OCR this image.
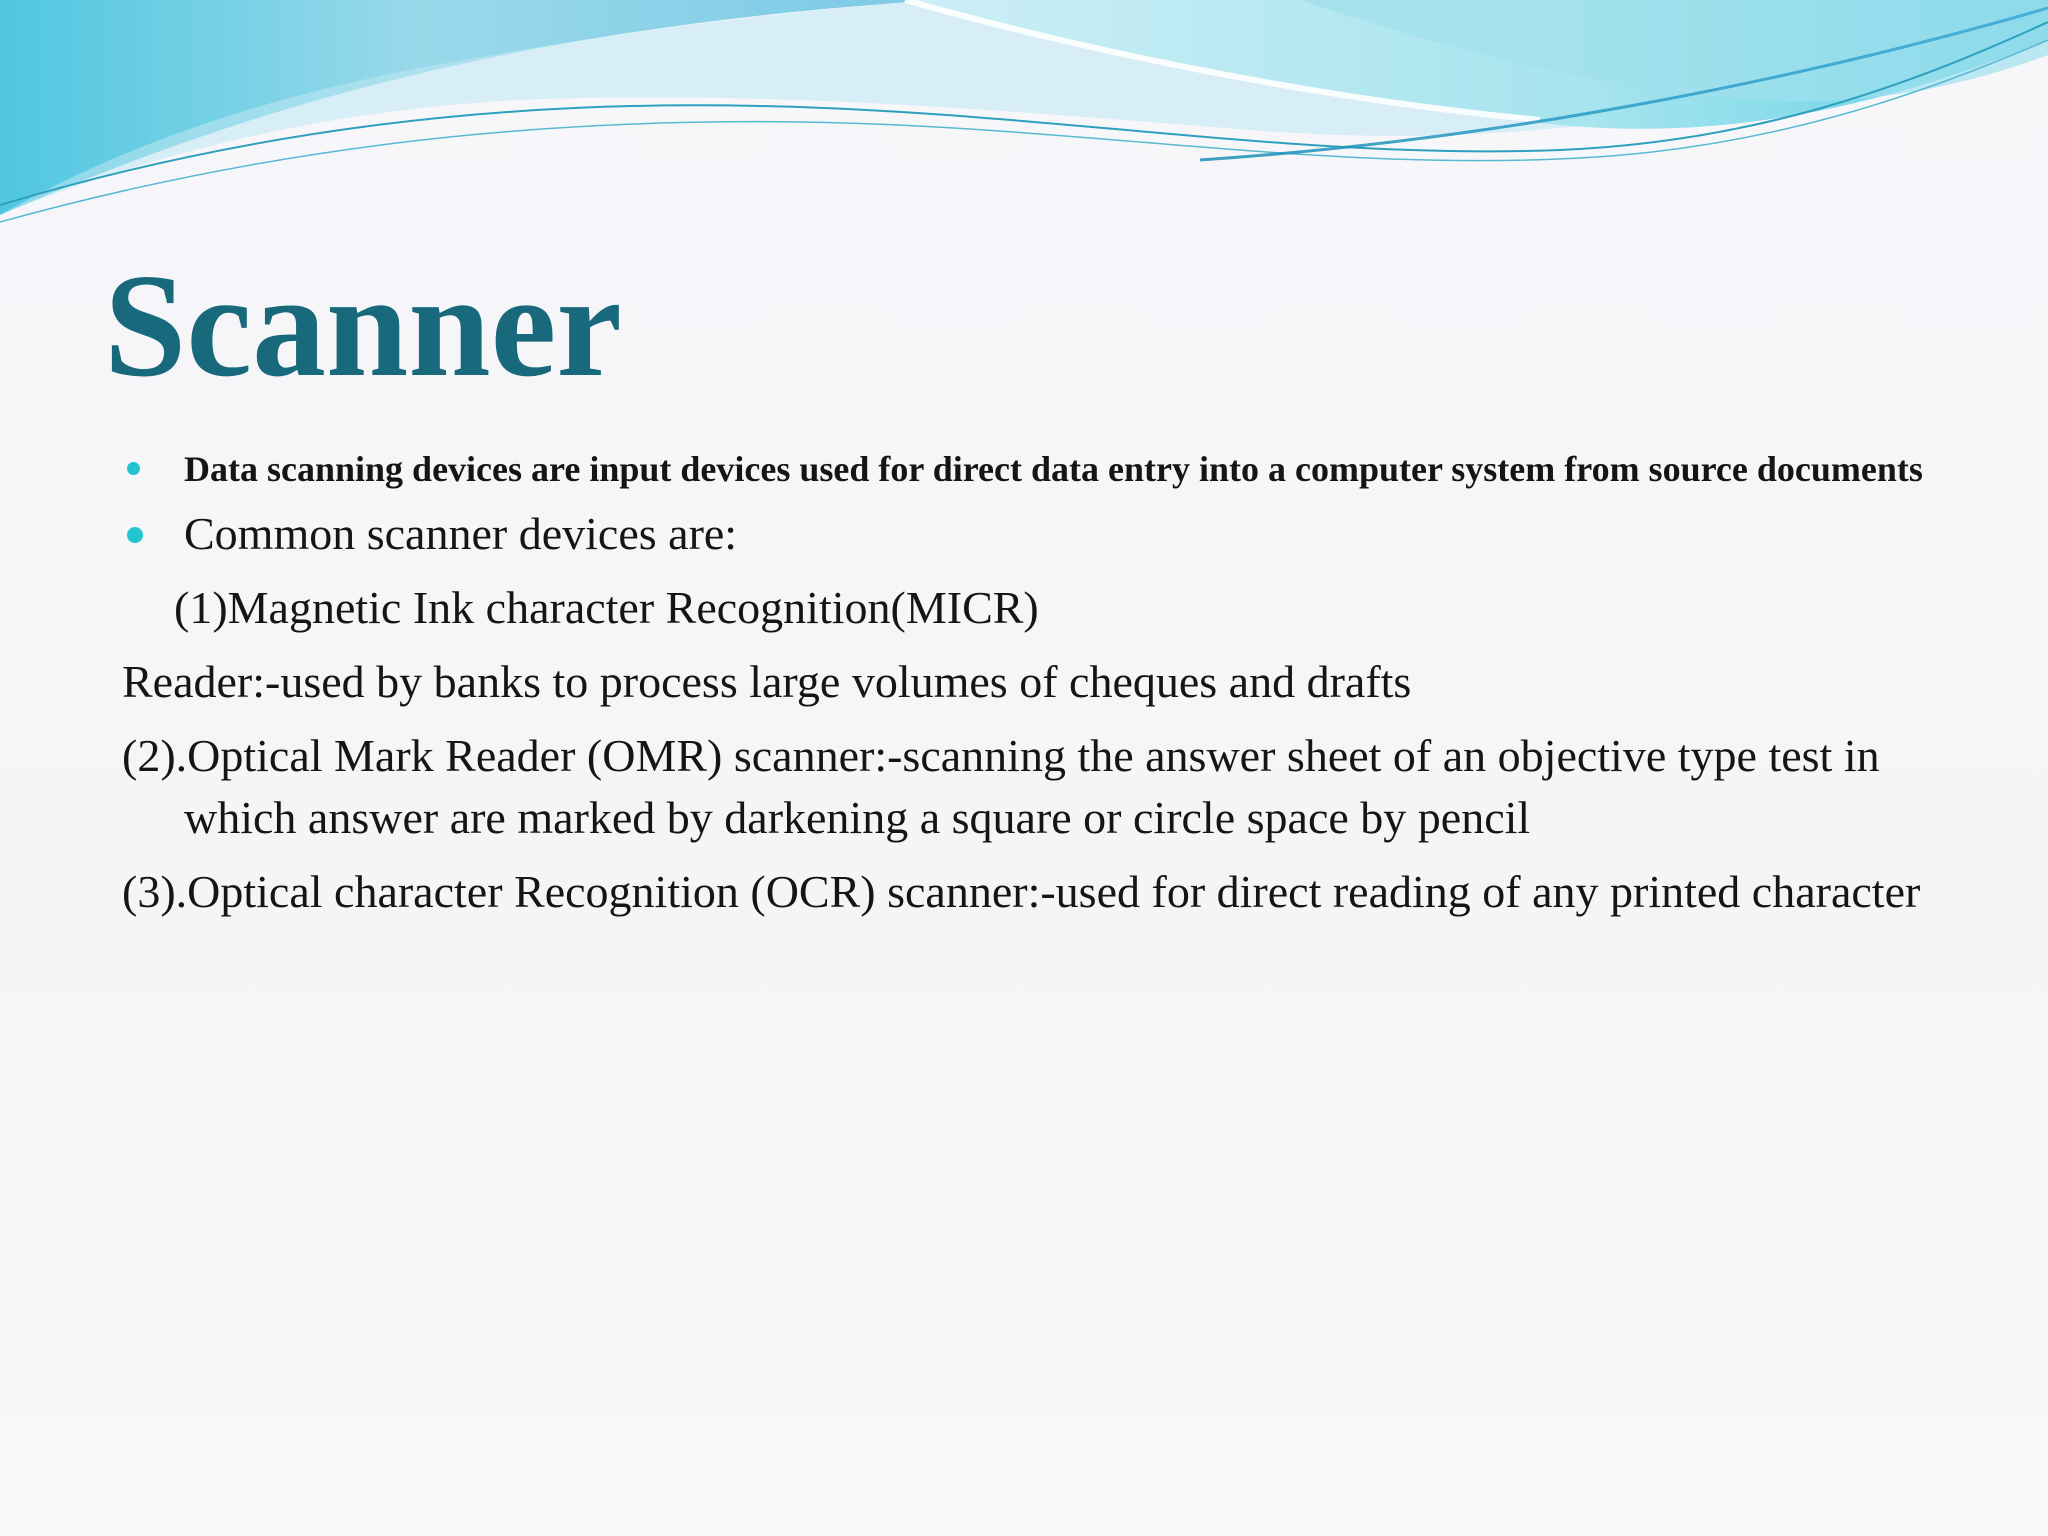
Scanner
Data scanning devices are input devices used for direct data entry into a computer system from source documents
Common scanner devices are:
(1)Magnetic Ink character Recognition(MICR)
Reader:-used by banks to process large volumes of cheques and drafts
(2).Optical Mark Reader (OMR) scanner:-scanning the answer sheet of an objective type test in which answer are marked by darkening a square or circle space by pencil
(3).Optical character Recognition (OCR) scanner:-used for direct reading of any printed character
